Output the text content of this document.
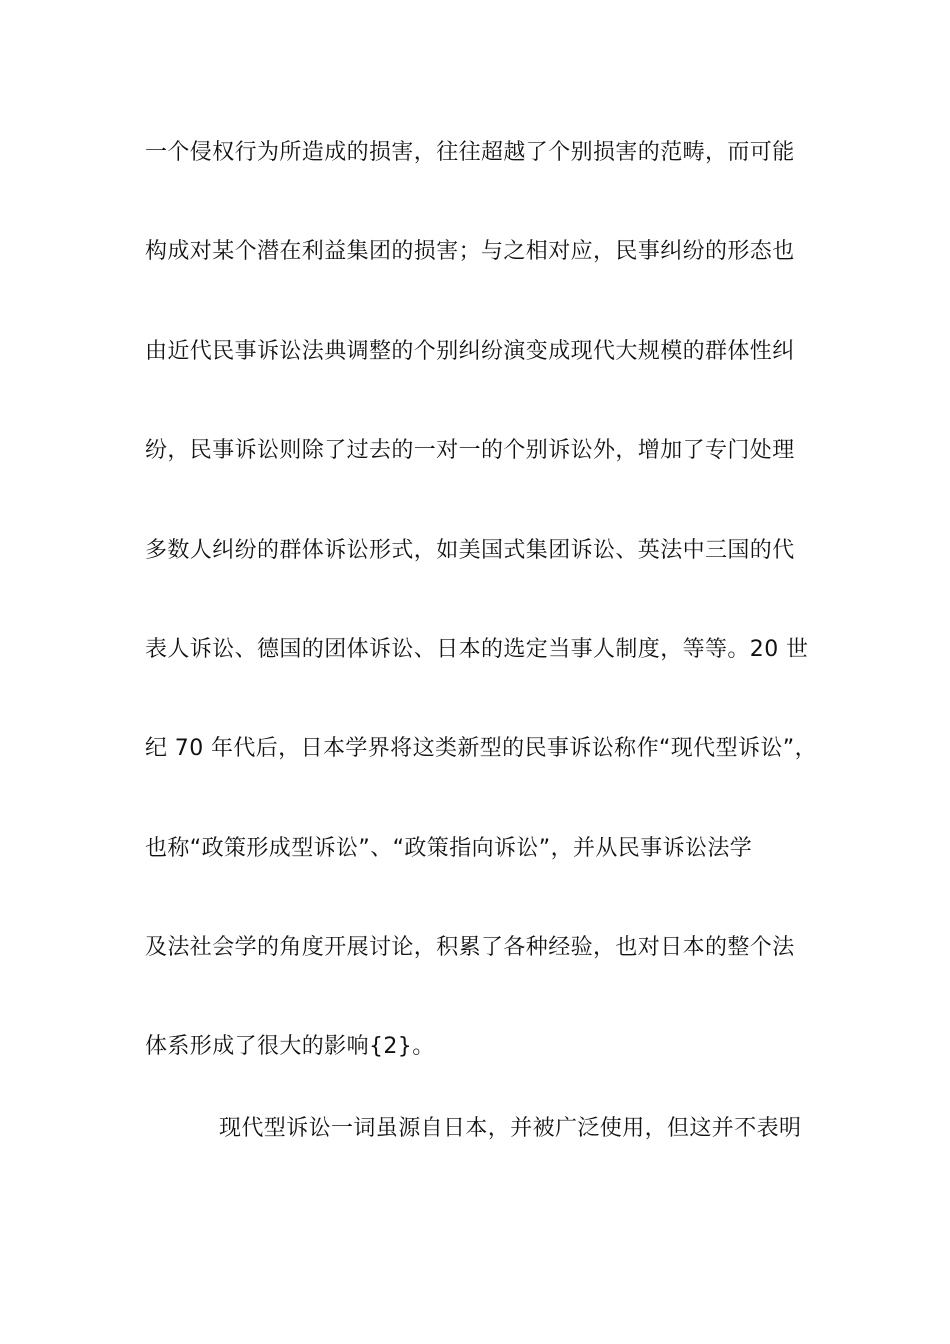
一个侵权行为所造成的损害，往往超越了个别损害的范畴，而可能
构成对某个潜在利益集团的损害；与之相对应，民事纠纷的形态也
由近代民事诉讼法典调整的个别纠纷演变成现代大规模的群体性纠
纷，民事诉讼则除了过去的一对一的个别诉讼外，增加了专门处理
多数人纠纷的群体诉讼形式，如美国式集团诉讼、英法中三国的代
表人诉讼、德国的团体诉讼、日本的选定当事人制度，等等。20 世
纪 70 年代后，日本学界将这类新型的民事诉讼称作“现代型诉讼”，
也称“政策形成型诉讼”、“政策指向诉讼”，并从民事诉讼法学
及法社会学的角度开展讨论，积累了各种经验，也对日本的整个法
体系形成了很大的影响{2}。
现代型诉讼一词虽源自日本，并被广泛使用，但这并不表明
